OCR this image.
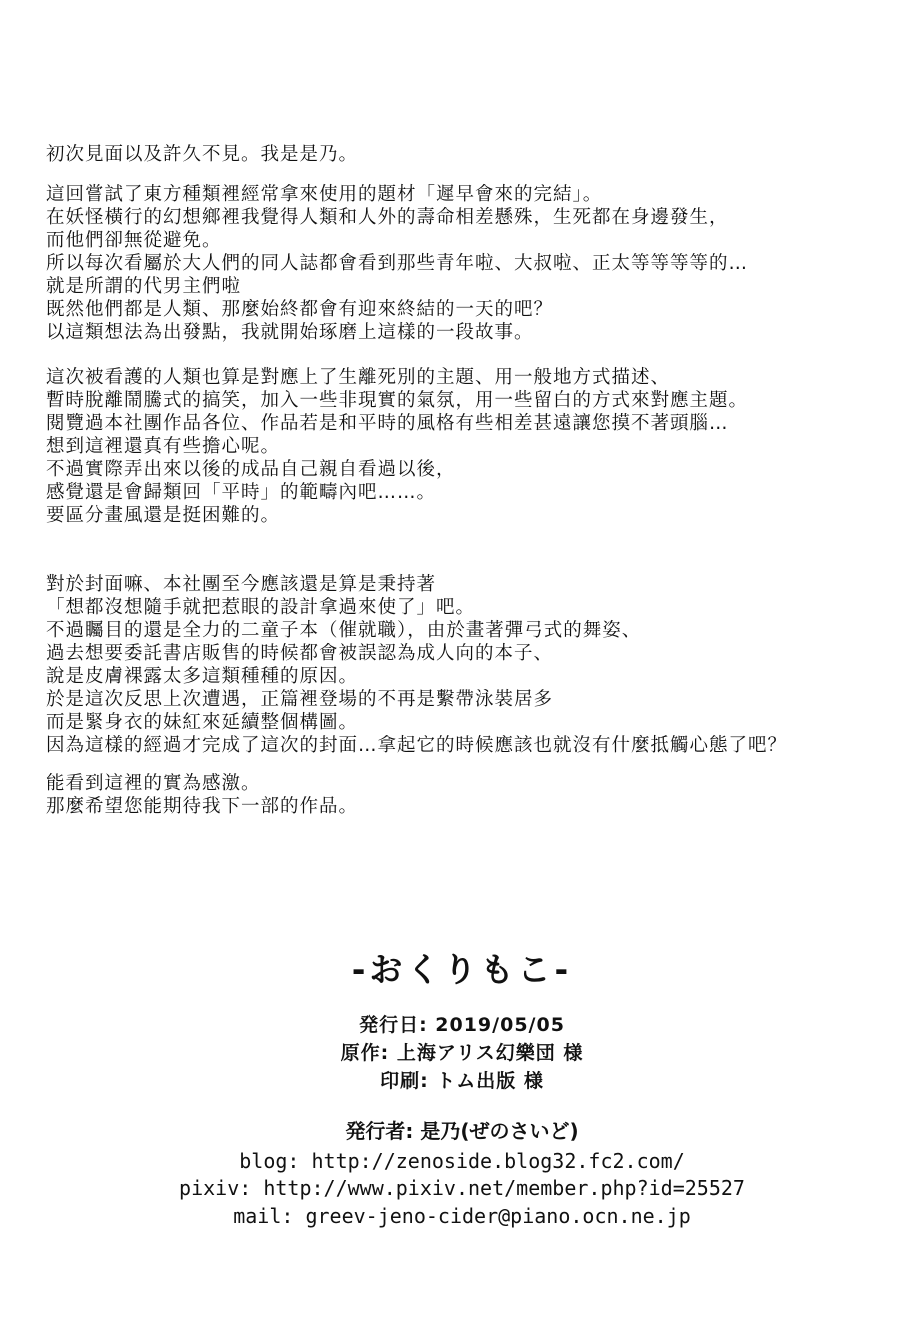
初次見面以及許久不見。我是是乃。
這回嘗試了東方種類裡經常拿來使用的題材「遲早會來的完結」。
在妖怪橫行的幻想鄉裡我覺得人類和人外的壽命相差懸殊，生死都在身邊發生，
而他們卻無從避免。
所以每次看屬於大人們的同人誌都會看到那些青年啦、大叔啦、正太等等等等的…
就是所謂的代男主們啦
既然他們都是人類、那麼始終都會有迎來終結的一天的吧？
以這類想法為出發點，我就開始琢磨上這樣的一段故事。
這次被看護的人類也算是對應上了生離死別的主題、用一般地方式描述、
暫時脫離鬧騰式的搞笑，加入一些非現實的氣氛，用一些留白的方式來對應主題。
閱覽過本社團作品各位、作品若是和平時的風格有些相差甚遠讓您摸不著頭腦…
想到這裡還真有些擔心呢。
不過實際弄出來以後的成品自己親自看過以後，
感覺還是會歸類回「平時」的範疇內吧……。
要區分畫風還是挺困難的。
對於封面嘛、本社團至今應該還是算是秉持著
「想都沒想隨手就把惹眼的設計拿過來使了」吧。
不過矚目的還是全力的二童子本（催就職），由於畫著彈弓式的舞姿、
過去想要委託書店販售的時候都會被誤認為成人向的本子、
說是皮膚裸露太多這類種種的原因。
於是這次反思上次遭遇，正篇裡登場的不再是繫帶泳裝居多
而是緊身衣的妹紅來延續整個構圖。
因為這樣的經過才完成了這次的封面…拿起它的時候應該也就沒有什麼抵觸心態了吧？
能看到這裡的實為感激。
那麼希望您能期待我下一部的作品。
-おくりもこ-
発行日: 2019/05/05
原作: 上海アリス幻樂団 様
印刷: トム出版 様
発行者: 是乃(ぜのさいど)
blog: http://zenoside.blog32.fc2.com/
pixiv: http://www.pixiv.net/member.php?id=25527
mail: greev-jeno-cider@piano.ocn.ne.jp
